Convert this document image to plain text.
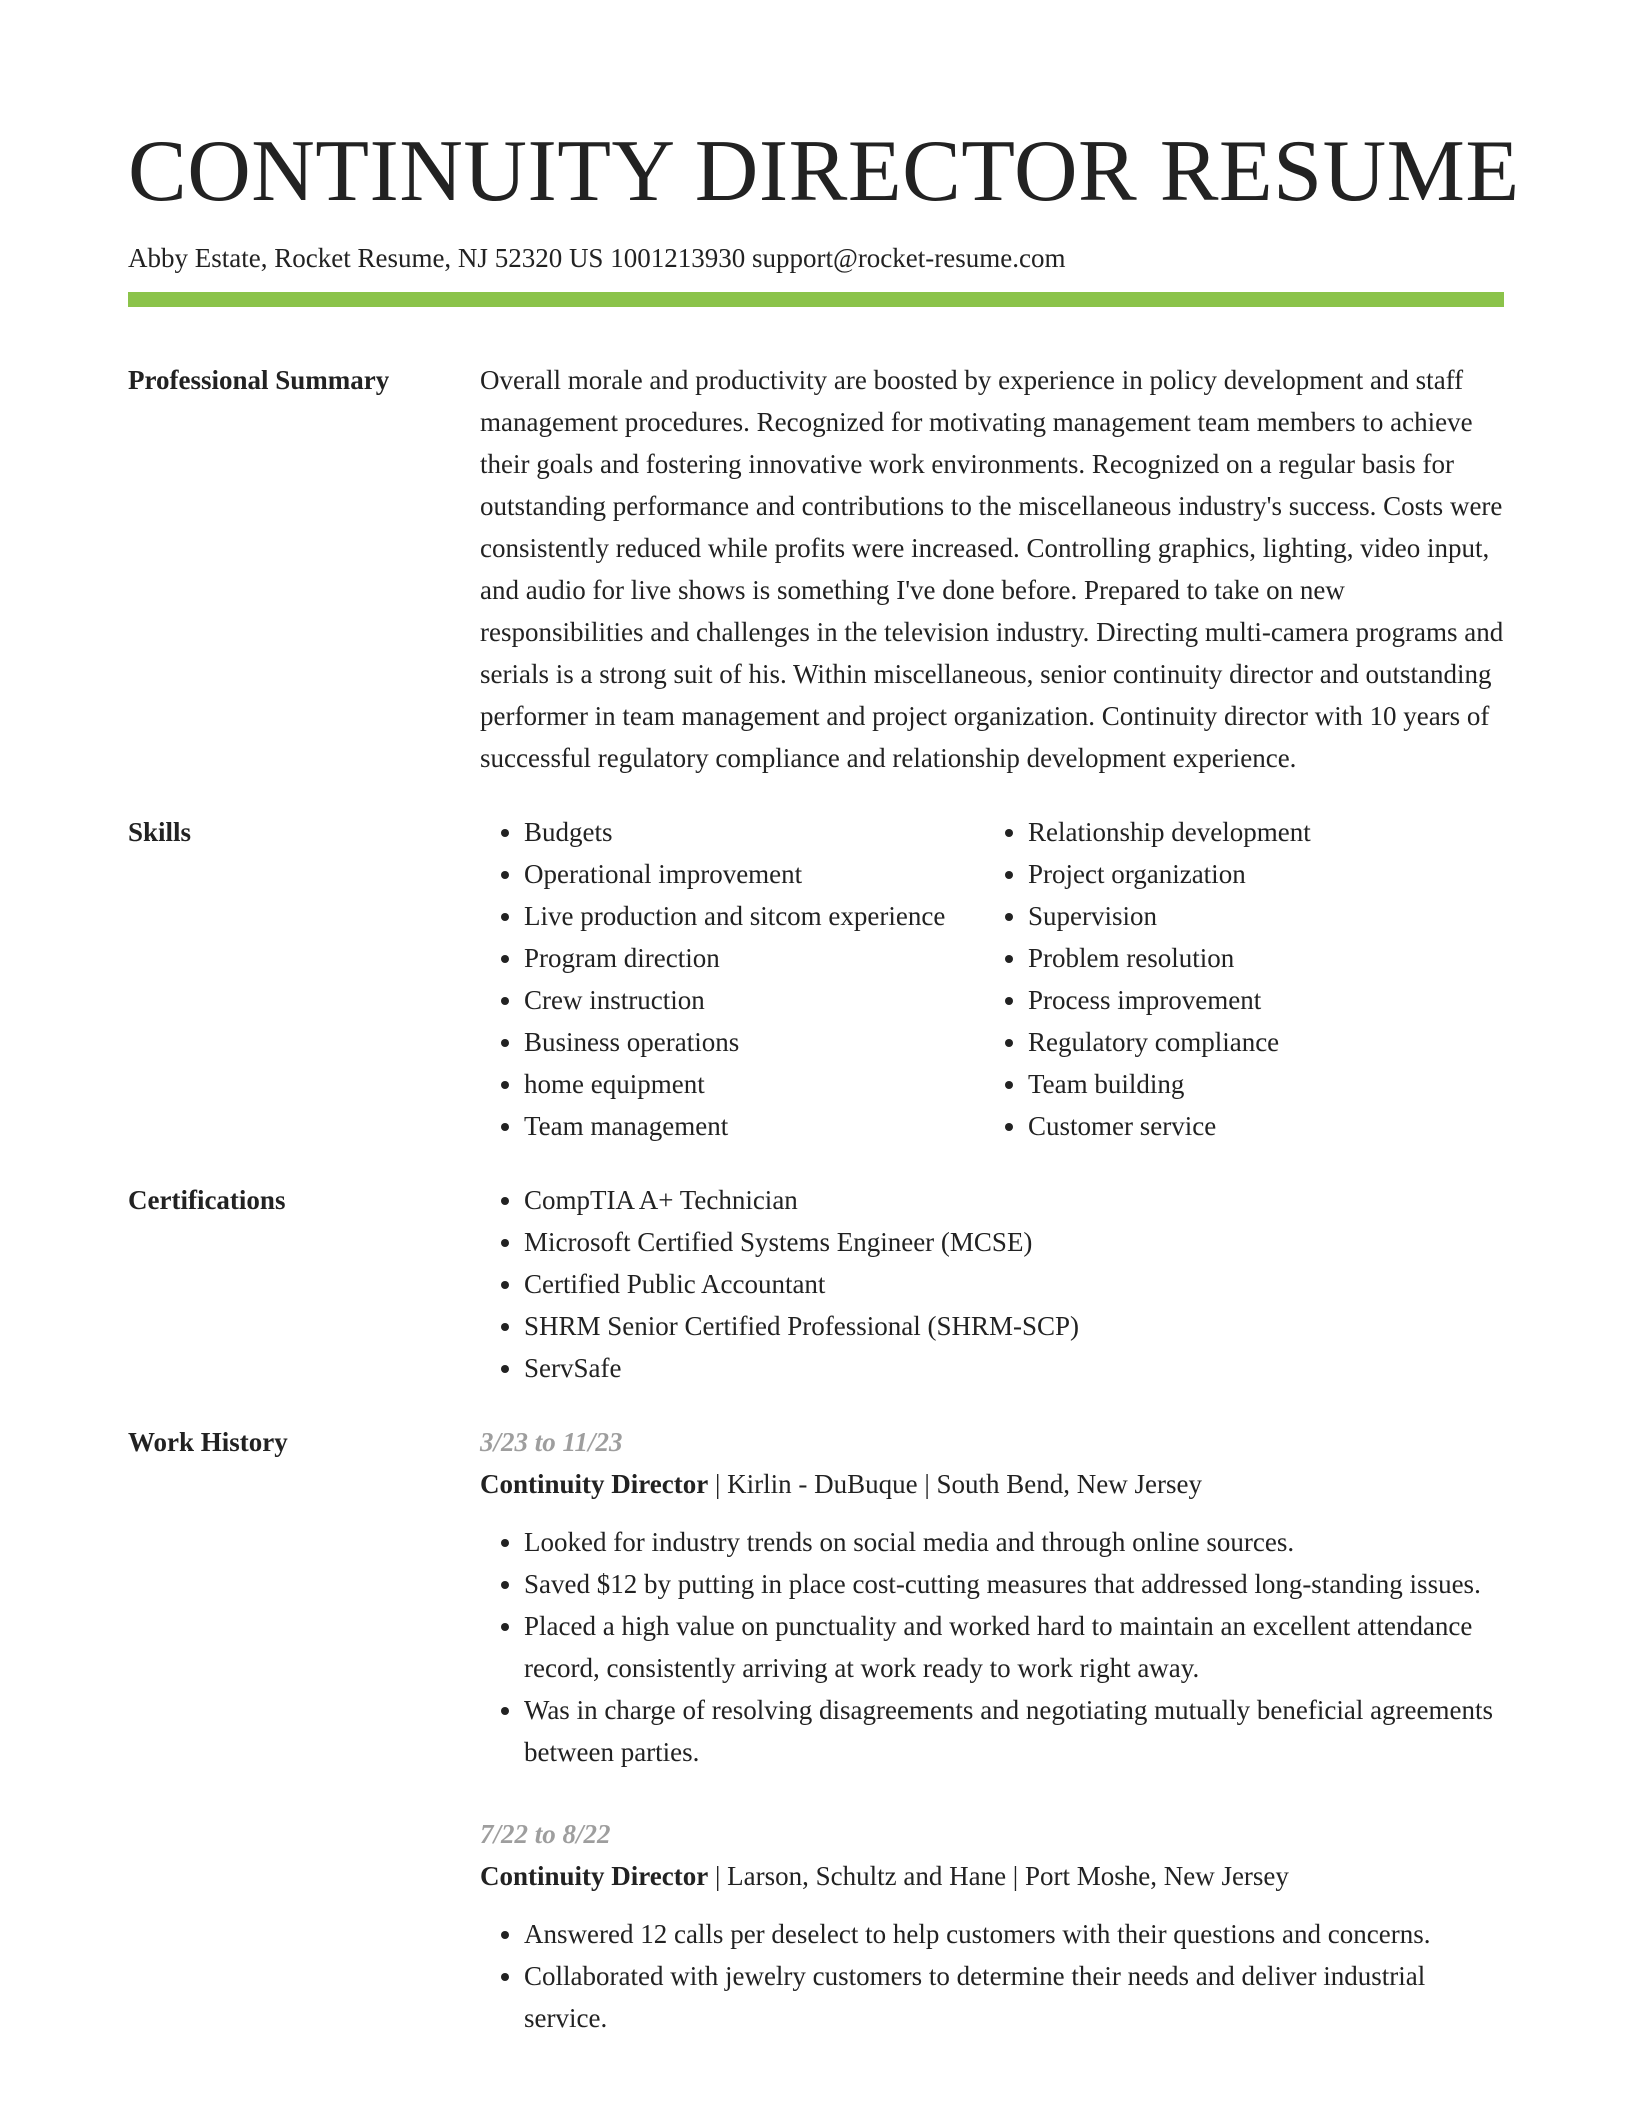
CONTINUITY DIRECTOR RESUME
Abby Estate, Rocket Resume, NJ 52320 US 1001213930 support@rocket-resume.com
Professional Summary	Overall morale and productivity are boosted by experience in policy development and staff management procedures. Recognized for motivating management team members to achieve their goals and fostering innovative work environments. Recognized on a regular basis for outstanding performance and contributions to the miscellaneous industry's success. Costs were consistently reduced while profits were increased. Controlling graphics, lighting, video input, and audio for live shows is something I've done before. Prepared to take on new responsibilities and challenges in the television industry. Directing multi-camera programs and serials is a strong suit of his. Within miscellaneous, senior continuity director and outstanding performer in team management and project organization. Continuity director with 10 years of successful regulatory compliance and relationship development experience.

Skills	• Budgets
• Operational improvement
• Live production and sitcom experience
• Program direction
• Crew instruction
• Business operations
• home equipment
• Team management
• Relationship development
• Project organization
• Supervision
• Problem resolution
• Process improvement
• Regulatory compliance
• Team building
• Customer service
Certifications	• CompTIA A+ Technician
• Microsoft Certified Systems Engineer (MCSE)
• Certified Public Accountant
• SHRM Senior Certified Professional (SHRM-SCP)
• ServSafe
Work History	3/23 to 11/23
Continuity Director | Kirlin - DuBuque | South Bend, New Jersey
• Looked for industry trends on social media and through online sources.
• Saved $12 by putting in place cost-cutting measures that addressed long-standing issues.
• Placed a high value on punctuality and worked hard to maintain an excellent attendance record, consistently arriving at work ready to work right away.
• Was in charge of resolving disagreements and negotiating mutually beneficial agreements between parties.
7/22 to 8/22
Continuity Director | Larson, Schultz and Hane | Port Moshe, New Jersey
• Answered 12 calls per deselect to help customers with their questions and concerns.
• Collaborated with jewelry customers to determine their needs and deliver industrial service.
